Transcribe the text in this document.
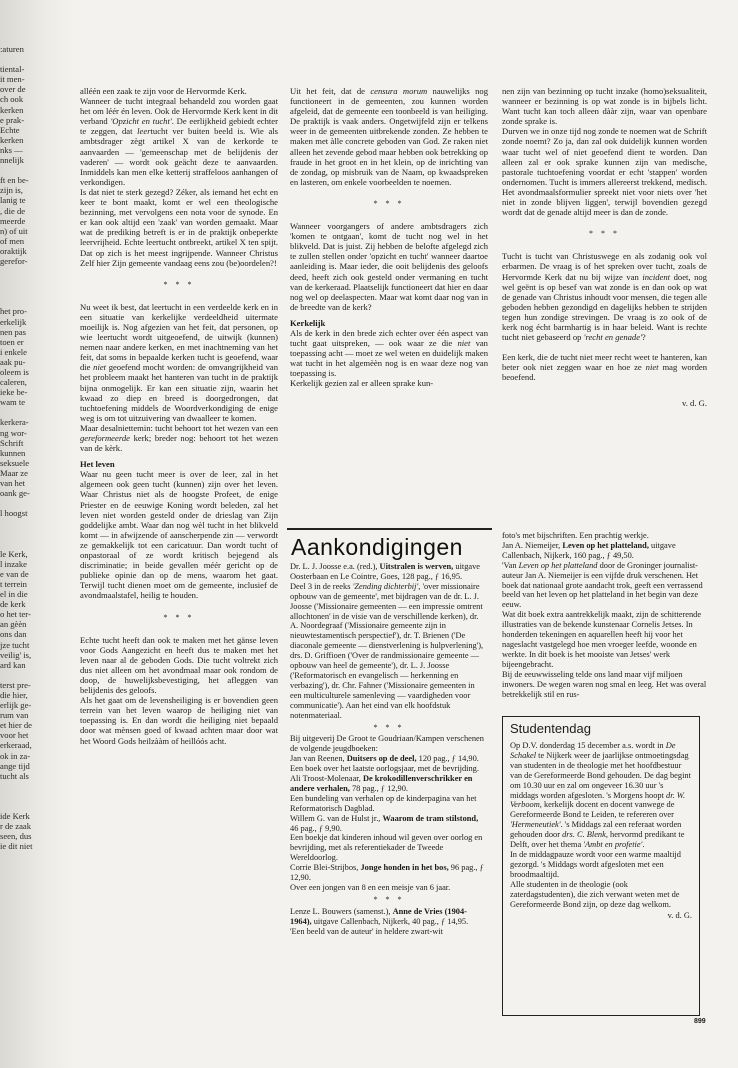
:aturen
tiental-
it men-
over de
ch ook
kerken
e prak-
Echte
kerken
nks —
nnelijk
ft en be-
zijn is,
lanig te
, die de
meerde
n) of uit
of men
oraktijk
gerefor-
het pro-
erkelijk
nen pas
toen er
i enkele
aak pu-
oleem is
caleren,
ieke be-
wam te
kerkera-
ng wor-
Schrift
kunnen
seksuele
Maar ze
van het
oank ge-
l hoogst
le Kerk,
l inzake
e van de
t terrein
el in die
de kerk
o het ter-
an gèèn
ons dan
jze tucht
veilig' is,
ard kan
terst pre-
die hier,
erlijk ge-
rum van
et hier de
voor het
erkeraad,
ok in za-
ange tijd
tucht als
ide Kerk
r de zaak
seen, dus
ie dit niet

alléén een zaak te zijn voor de Hervormde Kerk.

Wanneer de tucht integraal behandeld zou worden gaat het om léér én leven. Ook de Hervormde Kerk kent in dit verband 'Opzicht en tucht'. De eerlijkheid gebiedt echter te zeggen, dat leertucht ver buiten beeld is. Wie als ambtsdrager zègt artikel X van de kerkorde te aanvaarden — 'gemeenschap met de belijdenis der vaderen' — wordt ook geächt deze te aanvaarden. Inmiddels kan men elke ketterij straffeloos aanhangen of verkondigen.

Is dat niet te sterk gezegd? Zéker, als iemand het echt en keer te bont maakt, komt er wel een theologische bezinning, met vervolgens een nota voor de synode. En er kan ook altijd een 'zaak' van worden gemaakt. Maar wat de prediking betreft is er in de praktijk onbeperkte leervrijheid. Echte leertucht ontbreekt, artikel X ten spijt. Dat op zich is het meest ingrijpende. Wanneer Christus Zelf hier Zijn gemeente vandaag eens zou (be)oordelen?!

* * *

Nu weet ik best, dat leertucht in een verdeelde kerk en in een situatie van kerkelijke verdeeldheid uitermate moeilijk is. Nog afgezien van het feit, dat personen, op wie leertucht wordt uitgeoefend, de uitwijk (kunnen) nemen naar andere kerken, en met inachtneming van het feit, dat soms in bepaalde kerken tucht is geoefend, waar die niet geoefend mocht worden: de omvangrijkheid van het probleem maakt het hanteren van tucht in de praktijk bijna onmogelijk. Er kan een situatie zijn, waarin het kwaad zo diep en breed is doorgedrongen, dat tuchtoefening middels de Woordverkondiging de enige weg is om tot uitzuivering van dwaalleer te komen.

Maar desalniettemin: tucht behoort tot het wezen van een gereformeerde kerk; breder nog: behoort tot het wezen van de kèrk.

Het leven

Waar nu geen tucht meer is over de leer, zal in het algemeen ook geen tucht (kunnen) zijn over het leven. Waar Christus niet als de hoogste Profeet, de enige Priester en de eeuwige Koning wordt beleden, zal het leven niet worden gesteld onder de drieslag van Zijn goddelijke ambt. Waar dan nog wèl tucht in het blikveld komt — in afwijzende of aanscherpende zin — verwordt ze gemakkelijk tot een caricatuur. Dan wordt tucht of onpastoraal of ze wordt kritisch bejegend als discriminatie; in beide gevallen méér gericht op de publieke opinie dan op de mens, waarom het gaat. Terwijl tucht dienen moet om de gemeente, inclusief de avondmaalstafel, heilig te houden.

* * *

Echte tucht heeft dan ook te maken met het gänse leven voor Gods Aangezicht en heeft dus te maken met het leven naar al de geboden Gods. Die tucht voltrekt zich dus niet alleen om het avondmaal maar ook rondom de doop, de huwelijksbevestiging, het afleggen van belijdenis des geloofs.

Als het gaat om de levensheiliging is er bovendien geen terrein van het leven waarop de heiliging niet van toepassing is. En dan wordt die heiliging niet bepaald door wat mènsen goed of kwaad achten maar door wat het Woord Gods heilzààm of heillóós acht.

Uit het feit, dat de censura morum nauwelijks nog functioneert in de gemeenten, zou kunnen worden afgeleid, dat de gemeente een toonbeeld is van heiliging. De praktijk is vaak anders. Ongetwijfeld zijn er telkens weer in de gemeenten uitbrekende zonden. Ze hebben te maken met àlle concrete geboden van God. Ze raken niet alleen het zevende gebod maar hebben ook betrekking op fraude in het groot en in het klein, op de inrichting van de zondag, op misbruik van de Naam, op kwaadspreken en lasteren, om enkele voorbeelden te noemen.

* * *

Wanneer voorgangers of andere ambtsdragers zich 'komen te ontgaan', komt de tucht nog wel in het blikveld. Dat is juist. Zij hebben de belofte afgelegd zich te zullen stellen onder 'opzicht en tucht' wanneer daartoe aanleiding is. Maar ieder, die ooit belijdenis des geloofs deed, heeft zich ook gesteld onder vermaning en tucht van de kerkeraad. Plaatselijk functioneert dat hier en daar nog wel op deelaspecten. Maar wat komt daar nog van in de breedte van de kerk?

Kerkelijk

Als de kerk in den brede zich echter over één aspect van tucht gaat uitspreken, — ook waar ze die niet van toepassing acht — moet ze wel weten en duidelijk maken wat tucht in het algemèèn nog is en waar deze nog van toepassing is.

Kerkelijk gezien zal er alleen sprake kun-

nen zijn van bezinning op tucht inzake (homo)seksualiteit, wanneer er bezinning is op wat zonde is in bijbels licht. Want tucht kan toch alleen dààr zijn, waar van openbare zonde sprake is.

Durven we in onze tijd nog zonde te noemen wat de Schrift zonde noemt? Zo ja, dan zal ook duidelijk kunnen worden waar tucht wel of niet geoefend dient te worden. Dan alleen zal er ook sprake kunnen zijn van medische, pastorale tuchtoefening voordat er echt 'stappen' worden ondernomen. Tucht is immers allereerst trekkend, medisch. Het avondmaalsformulier spreekt niet voor niets over 'het niet in zonde blijven liggen', terwijl bovendien gezegd wordt dat de genade altijd meer is dan de zonde.

* * *

Tucht is tucht van Christuswege en als zodanig ook vol erbarmen. De vraag is of het spreken over tucht, zoals de Hervormde Kerk dat nu bij wijze van incident doet, nog wel geënt is op besef van wat zonde is en dan ook op wat de genade van Christus inhoudt voor mensen, die tegen alle geboden hebben gezondigd en dagelijks hebben te strijden tegen hun zondige strevingen. De vraag is zo ook of de kerk nog écht barmhartig is in haar beleid. Want is rechte tucht niet gebaseerd op 'recht en genade'?

Een kerk, die de tucht niet meer recht weet te hanteren, kan beter ook niet zeggen waar en hoe ze niet mag worden beoefend.

v. d. G.
Aankondigingen

Dr. L. J. Joosse e.a. (red.), Uitstralen is werven, uitgave Oosterbaan en Le Cointre, Goes, 128 pag., ƒ 16,95.

Deel 3 in de reeks 'Zending dichterbij', 'over missionaire opbouw van de gemeente', met bijdragen van de dr. L. J. Joosse ('Missionaire gemeenten — een impressie omtrent allochtonen' in de visie van de verschillende kerken), dr. A. Noordegraaf ('Missionaire gemeente zijn in nieuwtestamentisch perspectief'), dr. T. Brienen ('De diaconale gemeente — dienstverlening is hulpverlening'), drs. D. Griffioen ('Over de randmissionaire gemeente — opbouw van heel de gemeente'), dr. L. J. Joosse ('Reformatorisch en evangelisch — herkenning en verbazing'), dr. Chr. Fahner ('Missionaire gemeenten in een multiculturele samenleving — vaardigheden voor communicatie'). Aan het eind van elk hoofdstuk notenmateriaal.

* * *

Bij uitgeverij De Groot te Goudriaan/Kampen verschenen de volgende jeugdboeken:

Jan van Reenen, Duitsers op de deel, 120 pag., ƒ 14,90.

Een boek over het laatste oorlogsjaar, met de bevrijding.

Ali Troost-Molenaar, De krokodillenverschrikker en andere verhalen, 78 pag., ƒ 12,90.

Een bundeling van verhalen op de kinderpagina van het Reformatorisch Dagblad.

Willem G. van de Hulst jr., Waarom de tram stilstond, 46 pag., ƒ 9,90.

Een boekje dat kinderen inhoud wil geven over oorlog en bevrijding, met als referentiekader de Tweede Wereldoorlog.

Corrie Blei-Strijbos, Jonge honden in het bos, 96 pag., ƒ 12,90.

Over een jongen van 8 en een meisje van 6 jaar.

* * *

Lenze L. Bouwers (samenst.), Anne de Vries (1904-1964), uitgave Callenbach, Nijkerk, 40 pag., ƒ 14,95.

'Een beeld van de auteur' in heldere zwart-wit

foto's met bijschriften. Een prachtig werkje.

Jan A. Niemeijer, Leven op het platteland, uitgave Callenbach, Nijkerk, 160 pag., ƒ 49,50.

'Van Leven op het platteland door de Groninger journalist-auteur Jan A. Niemeijer is een vijfde druk verschenen. Het boek dat nationaal grote aandacht trok, geeft een verrassend beeld van het leven op het platteland in het begin van deze eeuw.

Wat dit boek extra aantrekkelijk maakt, zijn de schitterende illustraties van de bekende kunstenaar Cornelis Jetses. In honderden tekeningen en aquarellen heeft hij voor het nageslacht vastgelegd hoe men vroeger leefde, woonde en werkte. In dit boek is het mooiste van Jetses' werk bijeengebracht.

Bij de eeuwwisseling telde ons land maar vijf miljoen inwoners. De wegen waren nog smal en leeg. Het was overal betrekkelijk stil en rus-

Studentendag

Op D.V. donderdag 15 december a.s. wordt in De Schakel te Nijkerk weer de jaarlijkse ontmoetingsdag van studenten in de theologie met het hoofdbestuur van de Gereformeerde Bond gehouden. De dag begint om 10.30 uur en zal om ongeveer 16.30 uur 's middags worden afgesloten. 's Morgens hoopt dr. W. Verboom, kerkelijk docent en docent vanwege de Gereformeerde Bond te Leiden, te refereren over 'Hermeneutiek'. 's Middags zal een referaat worden gehouden door drs. C. Blenk, hervormd predikant te Delft, over het thema 'Ambt en profetie'.

In de middagpauze wordt voor een warme maaltijd gezorgd. 's Middags wordt afgesloten met een broodmaaltijd.

Alle studenten in de theologie (ook zaterdagstudenten), die zich verwant weten met de Gereformeerde Bond zijn, op deze dag welkom.

v. d. G.
899
